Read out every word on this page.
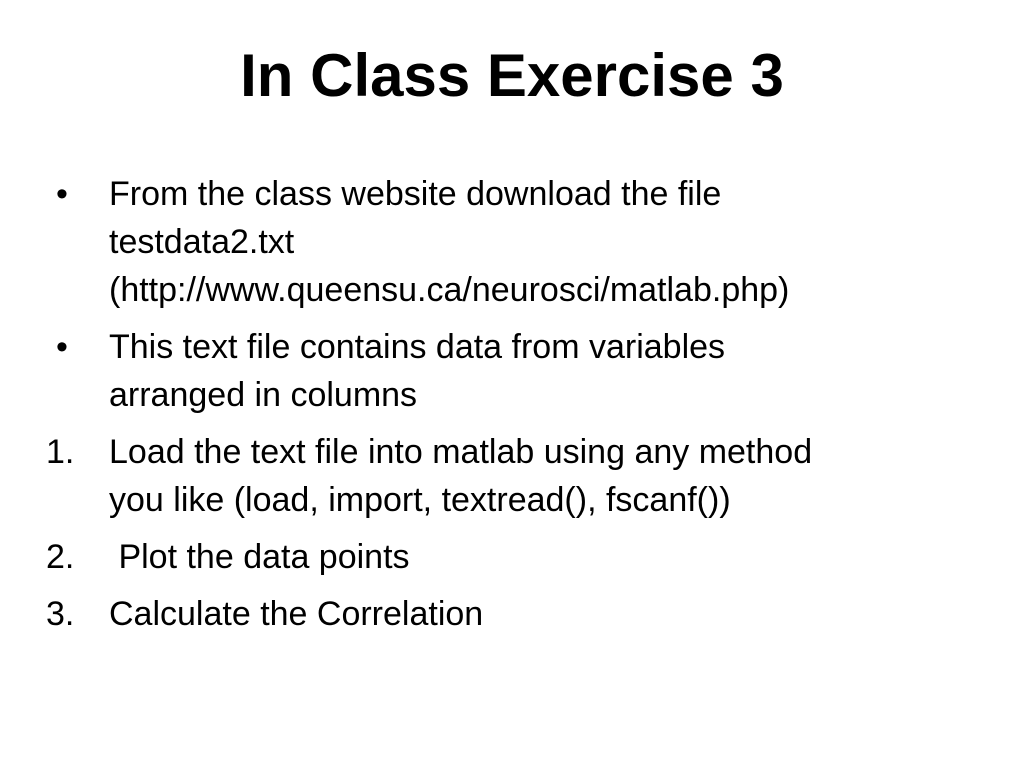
In Class Exercise 3
•	From the class website download the file
testdata2.txt
(http://www.queensu.ca/neurosci/matlab.php)
•	This text file contains data from variables
arranged in columns
1.	Load the text file into matlab using any method
you like (load, import, textread(), fscanf())
2.	Plot the data points
3.	Calculate the Correlation
